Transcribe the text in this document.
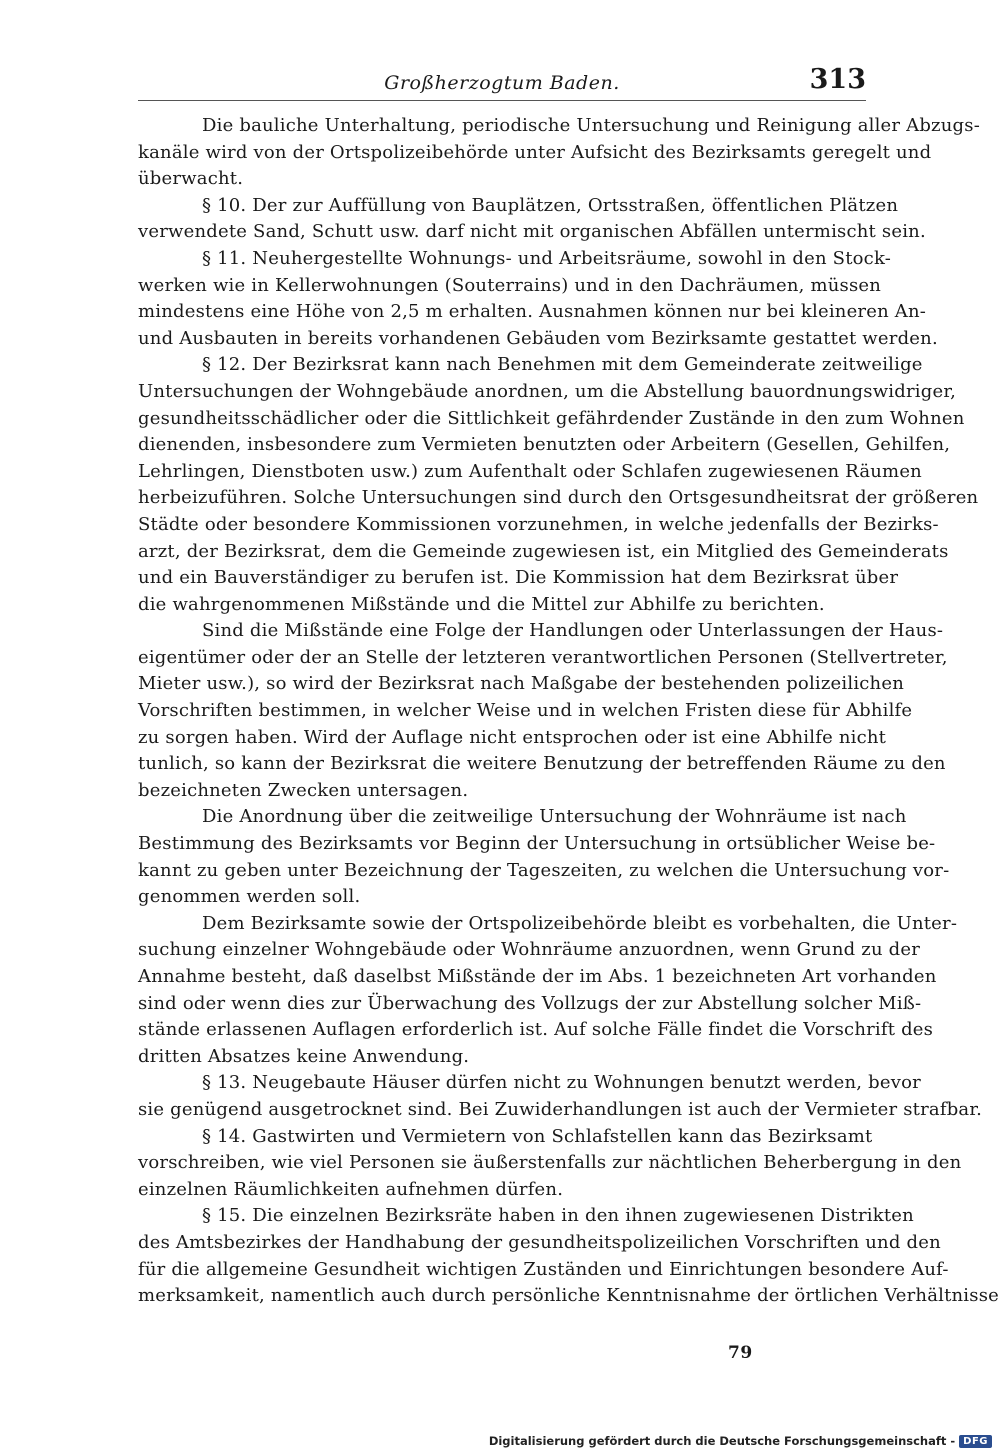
Großherzogtum Baden.	313
Die bauliche Unterhaltung, periodische Untersuchung und Reinigung aller Abzugs-
kanäle wird von der Ortspolizeibehörde unter Aufsicht des Bezirksamts geregelt und
überwacht.
§ 10. Der zur Auffüllung von Bauplätzen, Ortsstraßen, öffentlichen Plätzen
verwendete Sand, Schutt usw. darf nicht mit organischen Abfällen untermischt sein.
§ 11. Neuhergestellte Wohnungs- und Arbeitsräume, sowohl in den Stock-
werken wie in Kellerwohnungen (Souterrains) und in den Dachräumen, müssen
mindestens eine Höhe von 2,5 m erhalten. Ausnahmen können nur bei kleineren An-
und Ausbauten in bereits vorhandenen Gebäuden vom Bezirksamte gestattet werden.
§ 12. Der Bezirksrat kann nach Benehmen mit dem Gemeinderate zeitweilige
Untersuchungen der Wohngebäude anordnen, um die Abstellung bauordnungswidriger,
gesundheitsschädlicher oder die Sittlichkeit gefährdender Zustände in den zum Wohnen
dienenden, insbesondere zum Vermieten benutzten oder Arbeitern (Gesellen, Gehilfen,
Lehrlingen, Dienstboten usw.) zum Aufenthalt oder Schlafen zugewiesenen Räumen
herbeizuführen. Solche Untersuchungen sind durch den Ortsgesundheitsrat der größeren
Städte oder besondere Kommissionen vorzunehmen, in welche jedenfalls der Bezirks-
arzt, der Bezirksrat, dem die Gemeinde zugewiesen ist, ein Mitglied des Gemeinderats
und ein Bauverständiger zu berufen ist. Die Kommission hat dem Bezirksrat über
die wahrgenommenen Mißstände und die Mittel zur Abhilfe zu berichten.
Sind die Mißstände eine Folge der Handlungen oder Unterlassungen der Haus-
eigentümer oder der an Stelle der letzteren verantwortlichen Personen (Stellvertreter,
Mieter usw.), so wird der Bezirksrat nach Maßgabe der bestehenden polizeilichen
Vorschriften bestimmen, in welcher Weise und in welchen Fristen diese für Abhilfe
zu sorgen haben. Wird der Auflage nicht entsprochen oder ist eine Abhilfe nicht
tunlich, so kann der Bezirksrat die weitere Benutzung der betreffenden Räume zu den
bezeichneten Zwecken untersagen.
Die Anordnung über die zeitweilige Untersuchung der Wohnräume ist nach
Bestimmung des Bezirksamts vor Beginn der Untersuchung in ortsüblicher Weise be-
kannt zu geben unter Bezeichnung der Tageszeiten, zu welchen die Untersuchung vor-
genommen werden soll.
Dem Bezirksamte sowie der Ortspolizeibehörde bleibt es vorbehalten, die Unter-
suchung einzelner Wohngebäude oder Wohnräume anzuordnen, wenn Grund zu der
Annahme besteht, daß daselbst Mißstände der im Abs. 1 bezeichneten Art vorhanden
sind oder wenn dies zur Überwachung des Vollzugs der zur Abstellung solcher Miß-
stände erlassenen Auflagen erforderlich ist. Auf solche Fälle findet die Vorschrift des
dritten Absatzes keine Anwendung.
§ 13. Neugebaute Häuser dürfen nicht zu Wohnungen benutzt werden, bevor
sie genügend ausgetrocknet sind. Bei Zuwiderhandlungen ist auch der Vermieter strafbar.
§ 14. Gastwirten und Vermietern von Schlafstellen kann das Bezirksamt
vorschreiben, wie viel Personen sie äußerstenfalls zur nächtlichen Beherbergung in den
einzelnen Räumlichkeiten aufnehmen dürfen.
§ 15. Die einzelnen Bezirksräte haben in den ihnen zugewiesenen Distrikten
des Amtsbezirkes der Handhabung der gesundheitspolizeilichen Vorschriften und den
für die allgemeine Gesundheit wichtigen Zuständen und Einrichtungen besondere Auf-
merksamkeit, namentlich auch durch persönliche Kenntnisnahme der örtlichen Verhältnisse
79
Digitalisierung gefördert durch die Deutsche Forschungsgemeinschaft - DFG
